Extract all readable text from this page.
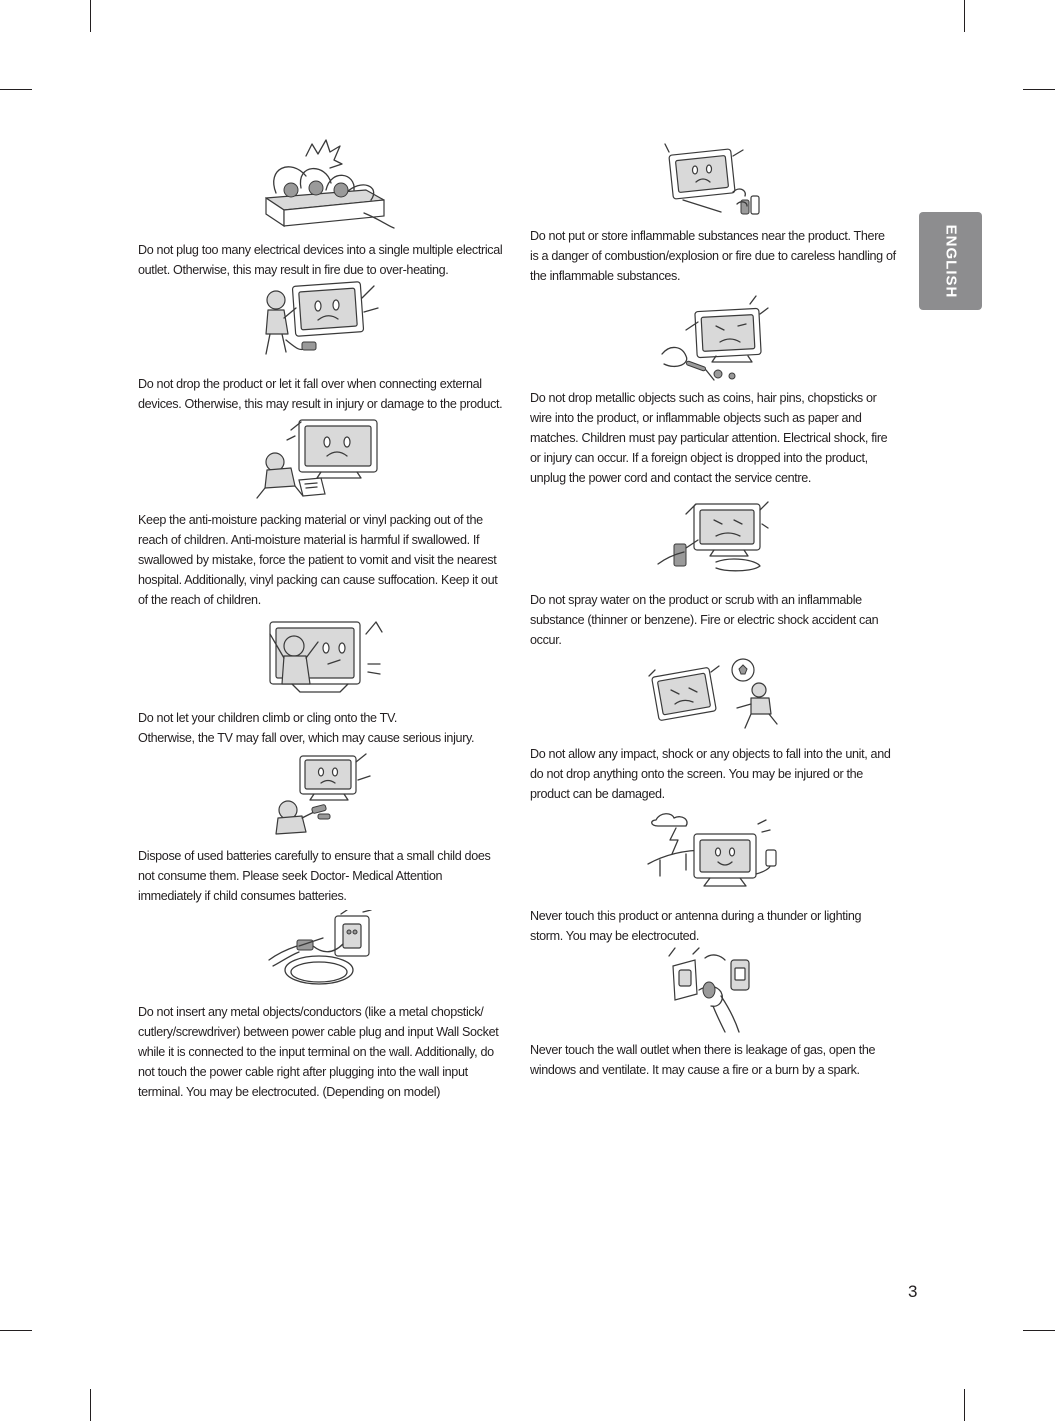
ENGLISH

Do not plug too many electrical devices into a single multiple electrical outlet. Otherwise, this may result in fire due to over-heating.

Do not drop the product or let it fall over when connecting external devices. Otherwise, this may result in injury or damage to the product.

Keep the anti-moisture packing material or vinyl packing out of the reach of children. Anti-moisture material is harmful if swallowed. If swallowed by mistake, force the patient to vomit and visit the nearest hospital. Additionally, vinyl packing can cause suffocation. Keep it out of the reach of children.

Do not let your children climb or cling onto the TV.
Otherwise, the TV may fall over, which may cause serious injury.

Dispose of used batteries carefully to ensure that a small child does not consume them. Please seek Doctor- Medical Attention immediately if child consumes batteries.

Do not insert any metal objects/conductors (like a metal chopstick/ cutlery/screwdriver) between power cable plug and input Wall Socket while it is connected to the input terminal on the wall. Additionally, do not touch the power cable right after plugging into the wall input terminal. You may be electrocuted. (Depending on model)

Do not put or store inflammable substances near the product. There is a danger of combustion/explosion or fire due to careless handling of the inflammable substances.

Do not drop metallic objects such as coins, hair pins, chopsticks or wire into the product, or inflammable objects such as paper and matches. Children must pay particular attention. Electrical shock, fire or injury can occur. If a foreign object is dropped into the product, unplug the power cord and contact the service centre.

Do not spray water on the product or scrub with an inflammable substance (thinner or benzene). Fire or electric shock accident can occur.

Do not allow any impact, shock or any objects to fall into the unit, and do not drop anything onto the screen. You may be injured or the product can be damaged.

Never touch this product or antenna during a thunder or lighting storm. You may be electrocuted.

Never touch the wall outlet when there is leakage of gas, open the windows and ventilate. It may cause a fire or a burn by a spark.

3
